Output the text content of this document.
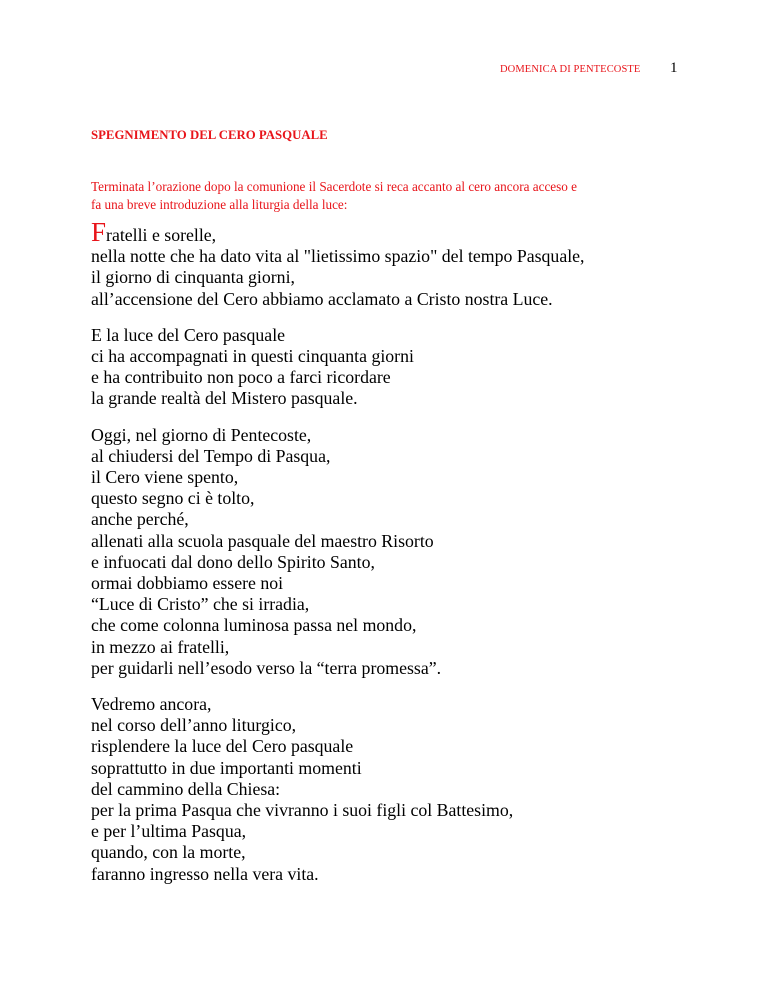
DOMENICA DI PENTECOSTE 1
SPEGNIMENTO DEL CERO PASQUALE
Terminata l’orazione dopo la comunione il Sacerdote si reca accanto al cero ancora acceso e
fa una breve introduzione alla liturgia della luce:
Fratelli e sorelle,
nella notte che ha dato vita al "lietissimo spazio" del tempo Pasquale,
il giorno di cinquanta giorni,
all’accensione del Cero abbiamo acclamato a Cristo nostra Luce.
E la luce del Cero pasquale
ci ha accompagnati in questi cinquanta giorni
e ha contribuito non poco a farci ricordare
la grande realtà del Mistero pasquale.
Oggi, nel giorno di Pentecoste,
al chiudersi del Tempo di Pasqua,
il Cero viene spento,
questo segno ci è tolto,
anche perché,
allenati alla scuola pasquale del maestro Risorto
e infuocati dal dono dello Spirito Santo,
ormai dobbiamo essere noi
“Luce di Cristo” che si irradia,
che come colonna luminosa passa nel mondo,
in mezzo ai fratelli,
per guidarli nell’esodo verso la “terra promessa”.
Vedremo ancora,
nel corso dell’anno liturgico,
risplendere la luce del Cero pasquale
soprattutto in due importanti momenti
del cammino della Chiesa:
per la prima Pasqua che vivranno i suoi figli col Battesimo,
e per l’ultima Pasqua,
quando, con la morte,
faranno ingresso nella vera vita.
